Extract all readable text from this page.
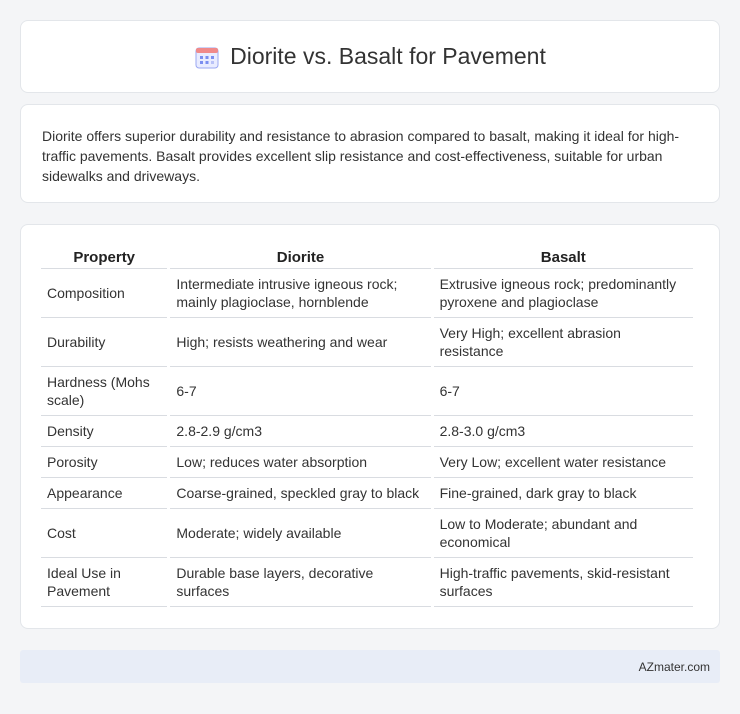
Diorite vs. Basalt for Pavement

Diorite offers superior durability and resistance to abrasion compared to basalt, making it ideal for high-traffic pavements. Basalt provides excellent slip resistance and cost-effectiveness, suitable for urban sidewalks and driveways.

Property	Diorite	Basalt
Composition	Intermediate intrusive igneous rock; mainly plagioclase, hornblende	Extrusive igneous rock; predominantly pyroxene and plagioclase
Durability	High; resists weathering and wear	Very High; excellent abrasion resistance
Hardness (Mohs scale)	6-7	6-7
Density	2.8-2.9 g/cm3	2.8-3.0 g/cm3
Porosity	Low; reduces water absorption	Very Low; excellent water resistance
Appearance	Coarse-grained, speckled gray to black	Fine-grained, dark gray to black
Cost	Moderate; widely available	Low to Moderate; abundant and economical
Ideal Use in Pavement	Durable base layers, decorative surfaces	High-traffic pavements, skid-resistant surfaces
AZmater.com
